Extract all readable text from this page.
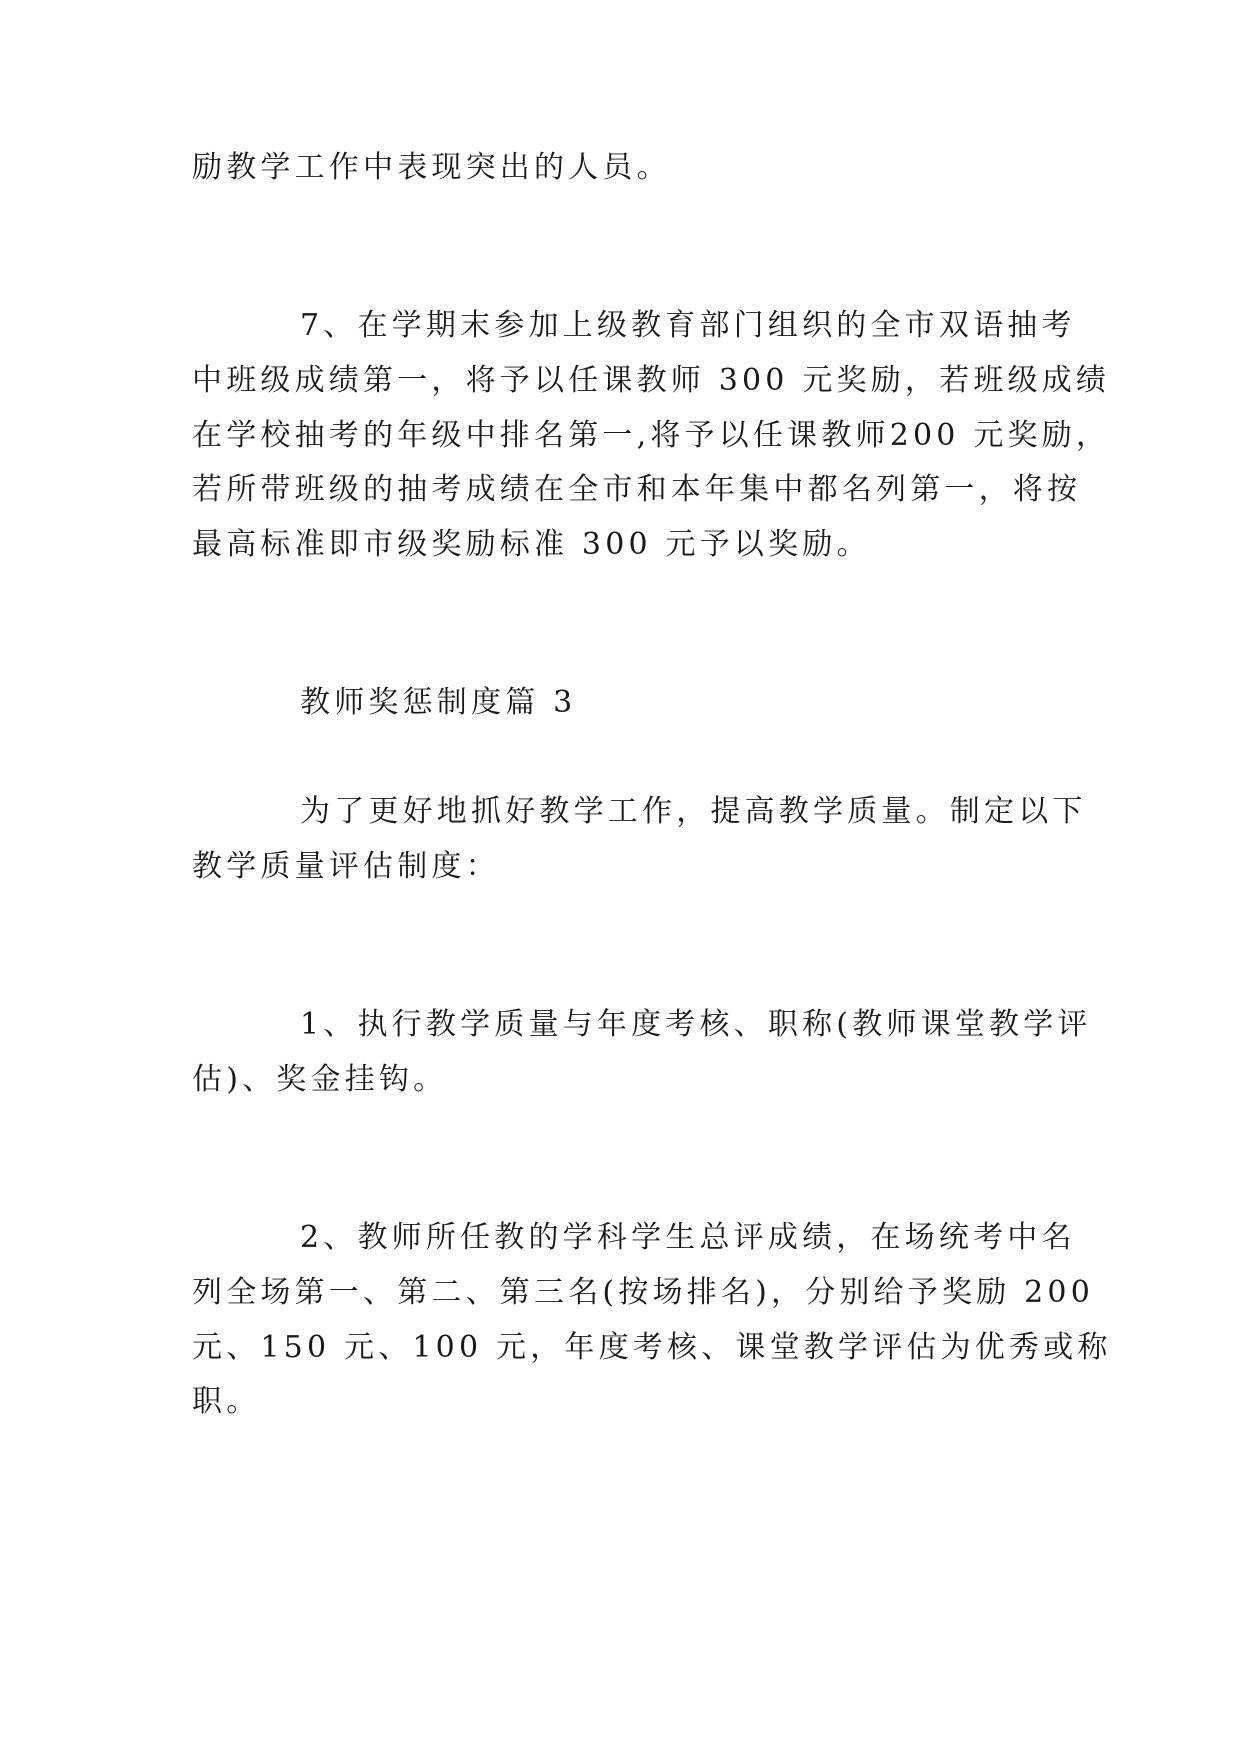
励教学工作中表现突出的人员。
7、在学期末参加上级教育部门组织的全市双语抽考
中班级成绩第一，将予以任课教师 300 元奖励，若班级成绩
在学校抽考的年级中排名第一,将予以任课教师200 元奖励，
若所带班级的抽考成绩在全市和本年集中都名列第一，将按
最高标准即市级奖励标准 300 元予以奖励。
教师奖惩制度篇 3
为了更好地抓好教学工作，提高教学质量。制定以下
教学质量评估制度：
1、执行教学质量与年度考核、职称(教师课堂教学评
估)、奖金挂钩。
2、教师所任教的学科学生总评成绩，在场统考中名
列全场第一、第二、第三名(按场排名)，分别给予奖励 200
元、150 元、100 元，年度考核、课堂教学评估为优秀或称
职。
